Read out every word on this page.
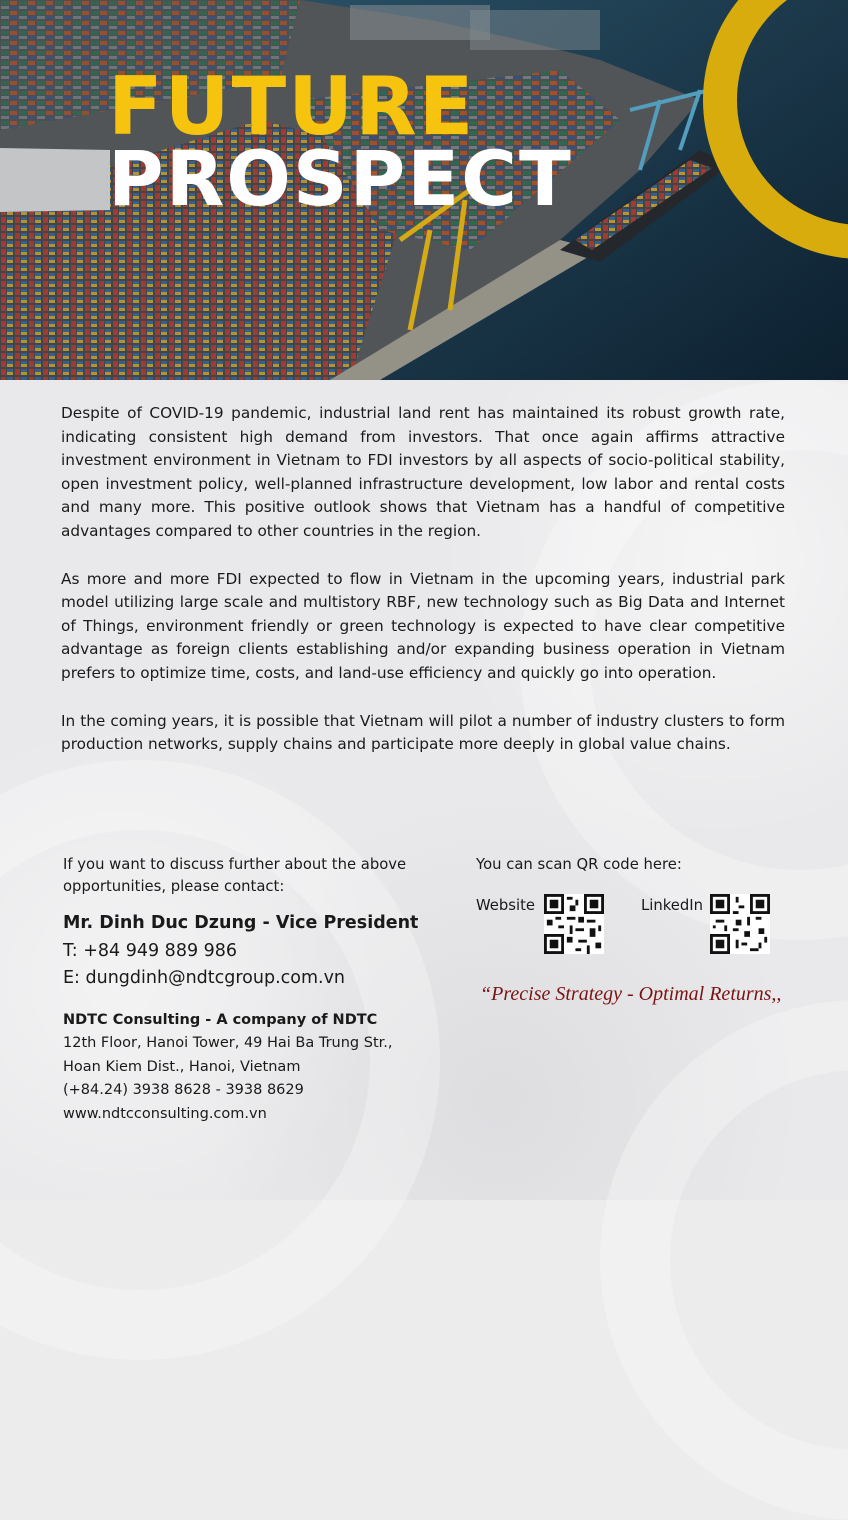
FUTURE
PROSPECT

Despite of COVID-19 pandemic, industrial land rent has maintained its robust growth rate, indicating consistent high demand from investors. That once again affirms attractive investment environment in Vietnam to FDI investors by all aspects of socio-political stability, open investment policy, well-planned infrastructure development, low labor and rental costs and many more. This positive outlook shows that Vietnam has a handful of competitive advantages compared to other countries in the region.

As more and more FDI expected to flow in Vietnam in the upcoming years, industrial park model utilizing large scale and multistory RBF, new technology such as Big Data and Internet of Things, environment friendly or green technology is expected to have clear competitive advantage as foreign clients establishing and/or expanding business operation in Vietnam prefers to optimize time, costs, and land-use efficiency and quickly go into operation.

In the coming years, it is possible that Vietnam will pilot a number of industry clusters to form production networks, supply chains and participate more deeply in global value chains.

If you want to discuss further about the above opportunities, please contact:

Mr. Dinh Duc Dzung - Vice President

T: +84 949 889 986

E: dungdinh@ndtcgroup.com.vn

NDTC Consulting - A company of NDTC
12th Floor, Hanoi Tower, 49 Hai Ba Trung Str.,
Hoan Kiem Dist., Hanoi, Vietnam
(+84.24) 3938 8628 - 3938 8629
www.ndtcconsulting.com.vn

You can scan QR code here:

Website	LinkedIn
“Precise Strategy - Optimal Returns,,
